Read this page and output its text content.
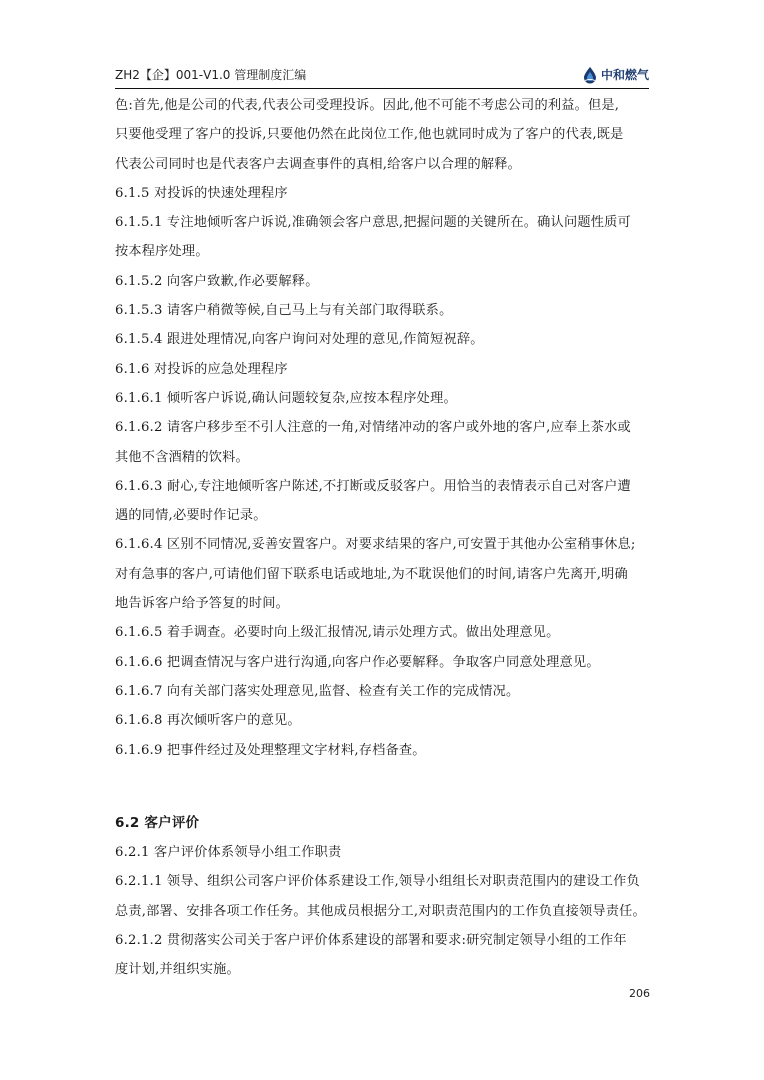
ZH2【企】001-V1.0 管理制度汇编	中和燃气
色:首先,他是公司的代表,代表公司受理投诉。因此,他不可能不考虑公司的利益。但是,
只要他受理了客户的投诉,只要他仍然在此岗位工作,他也就同时成为了客户的代表,既是
代表公司同时也是代表客户去调查事件的真相,给客户以合理的解释。
6.1.5 对投诉的快速处理程序
6.1.5.1 专注地倾听客户诉说,准确领会客户意思,把握问题的关键所在。确认问题性质可
按本程序处理。
6.1.5.2 向客户致歉,作必要解释。
6.1.5.3 请客户稍微等候,自己马上与有关部门取得联系。
6.1.5.4 跟进处理情况,向客户询问对处理的意见,作简短祝辞。
6.1.6 对投诉的应急处理程序
6.1.6.1 倾听客户诉说,确认问题较复杂,应按本程序处理。
6.1.6.2 请客户移步至不引人注意的一角,对情绪冲动的客户或外地的客户,应奉上茶水或
其他不含酒精的饮料。
6.1.6.3 耐心,专注地倾听客户陈述,不打断或反驳客户。用恰当的表情表示自己对客户遭
遇的同情,必要时作记录。
6.1.6.4 区别不同情况,妥善安置客户。对要求结果的客户,可安置于其他办公室稍事休息;
对有急事的客户,可请他们留下联系电话或地址,为不耽误他们的时间,请客户先离开,明确
地告诉客户给予答复的时间。
6.1.6.5 着手调查。必要时向上级汇报情况,请示处理方式。做出处理意见。
6.1.6.6 把调查情况与客户进行沟通,向客户作必要解释。争取客户同意处理意见。
6.1.6.7 向有关部门落实处理意见,监督、检查有关工作的完成情况。
6.1.6.8 再次倾听客户的意见。
6.1.6.9 把事件经过及处理整理文字材料,存档备查。
6.2 客户评价
6.2.1 客户评价体系领导小组工作职责
6.2.1.1 领导、组织公司客户评价体系建设工作,领导小组组长对职责范围内的建设工作负
总责,部署、安排各项工作任务。其他成员根据分工,对职责范围内的工作负直接领导责任。
6.2.1.2 贯彻落实公司关于客户评价体系建设的部署和要求:研究制定领导小组的工作年
度计划,并组织实施。
206
